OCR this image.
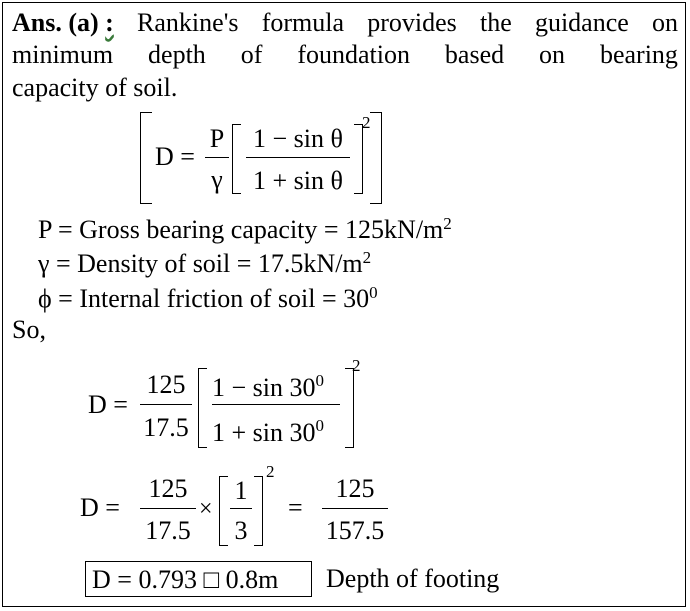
Ans. (a) : Rankine's formula provides the guidance on
minimum depth of foundation based on bearing
capacity of soil.
D =
P
γ
1 − sin θ
1 + sin θ
2
P = Gross bearing capacity = $125kN/m^2$
γ = Density of soil = $17.5kN/m^2$
ϕ = Internal friction of soil = $30^0$
So,
D =
125
17.5
$1 - \sin 30^0$
$1 + \sin 30^0$
2
D =
125
17.5
×
1
3
2
=
125
157.5
D = 0.793 □ 0.8m Depth of footing
